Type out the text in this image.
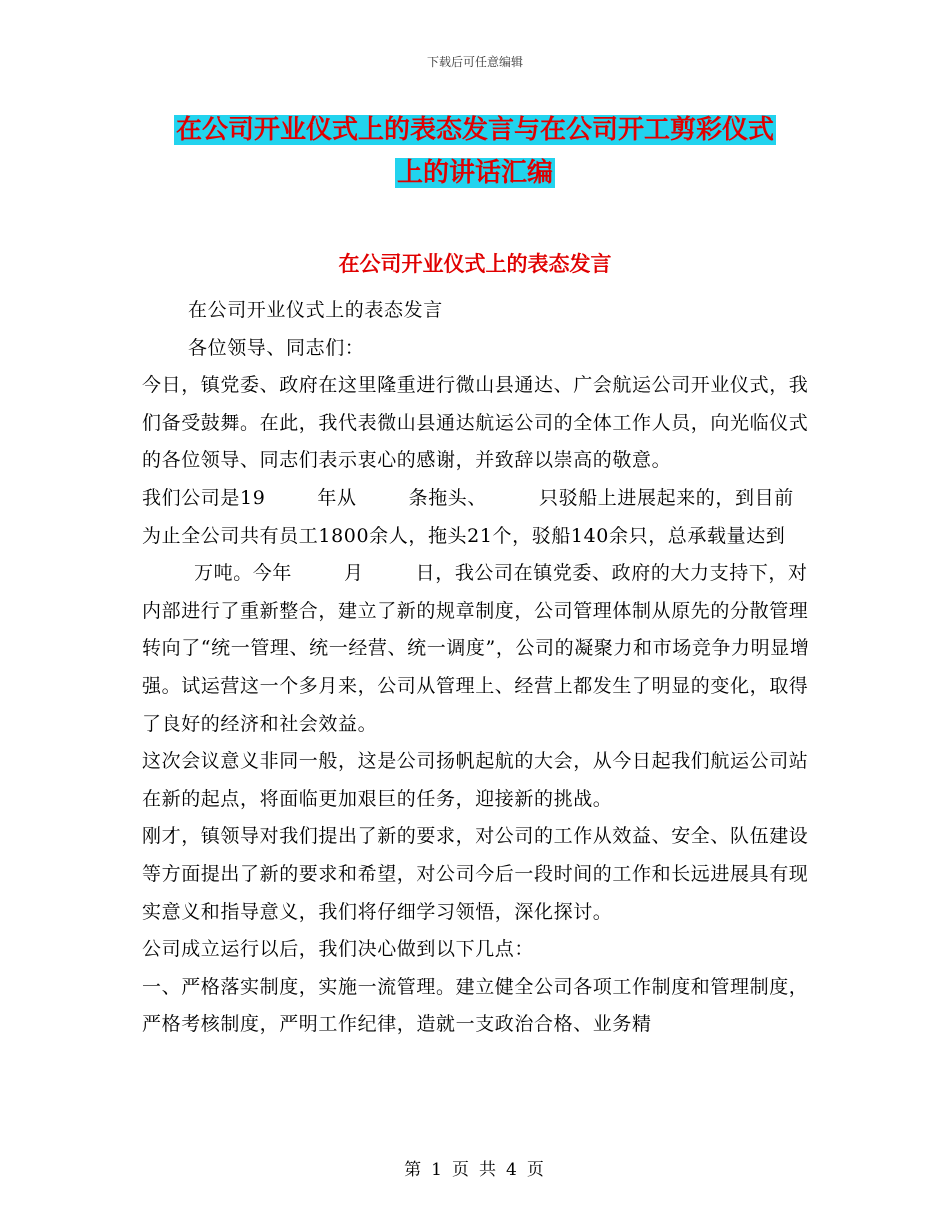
下载后可任意编辑
在公司开业仪式上的表态发言与在公司开工剪彩仪式
上的讲话汇编
在公司开业仪式上的表态发言

在公司开业仪式上的表态发言

各位领导、同志们：

今日，镇党委、政府在这里隆重进行微山县通达、广会航运公司开业仪式，我们备受鼓舞。在此，我代表微山县通达航运公司的全体工作人员，向光临仪式的各位领导、同志们表示衷心的感谢，并致辞以崇高的敬意。

我们公司是19	年从	条拖头、	只驳船上进展起来的，到目前为止全公司共有员工1800余人，拖头21个，驳船140余只，总承载量达到万吨。今年	月	日，我公司在镇党委、政府的大力支持下，对内部进行了重新整合，建立了新的规章制度，公司管理体制从原先的分散管理转向了“统一管理、统一经营、统一调度”，公司的凝聚力和市场竞争力明显增强。试运营这一个多月来，公司从管理上、经营上都发生了明显的变化，取得了良好的经济和社会效益。

这次会议意义非同一般，这是公司扬帆起航的大会，从今日起我们航运公司站在新的起点，将面临更加艰巨的任务，迎接新的挑战。

刚才，镇领导对我们提出了新的要求，对公司的工作从效益、安全、队伍建设等方面提出了新的要求和希望，对公司今后一段时间的工作和长远进展具有现实意义和指导意义，我们将仔细学习领悟，深化探讨。

公司成立运行以后，我们决心做到以下几点：

一、严格落实制度，实施一流管理。建立健全公司各项工作制度和管理制度，严格考核制度，严明工作纪律，造就一支政治合格、业务精

第 1 页 共 4 页
